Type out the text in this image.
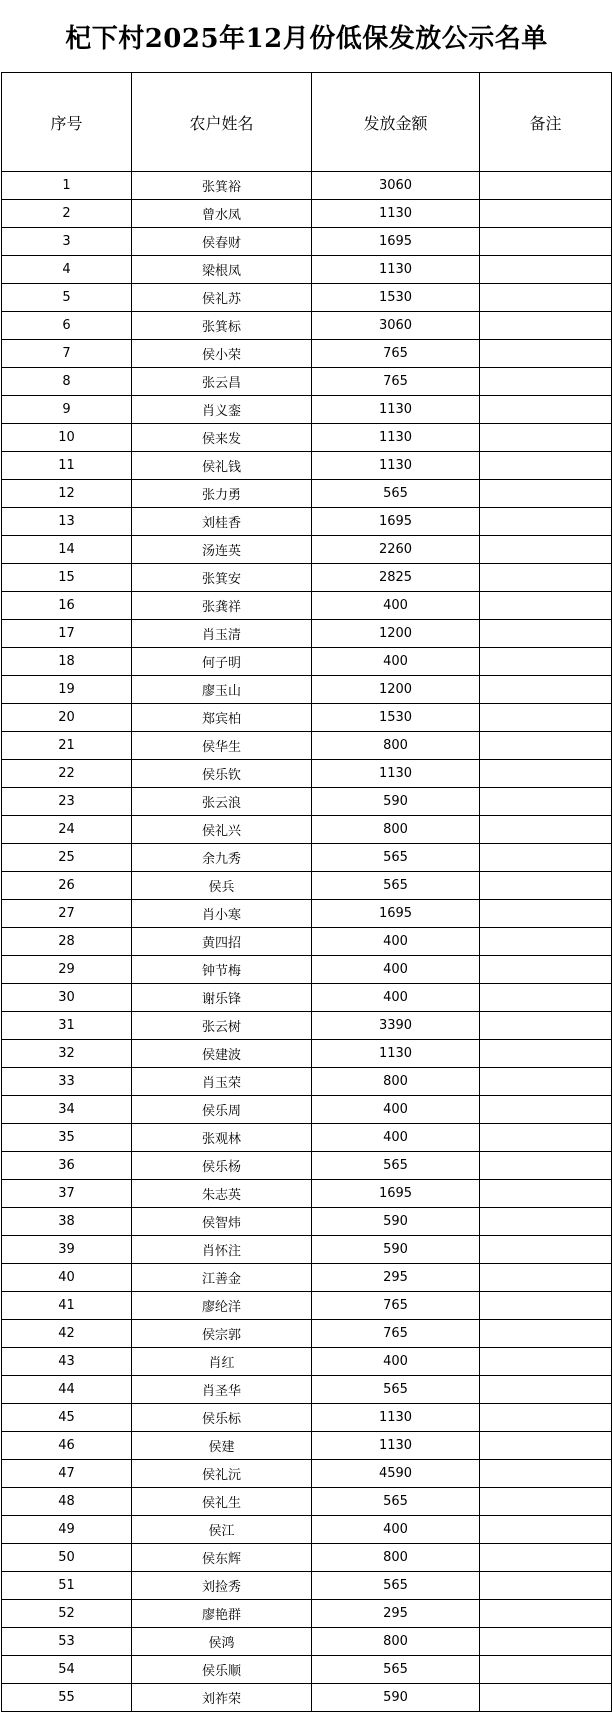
杞下村2025年12月份低保发放公示名单
序号	农户姓名	发放金额	备注
1	张箕裕	3060	
2	曾水凤	1130	
3	侯春财	1695	
4	梁根凤	1130	
5	侯礼苏	1530	
6	张箕标	3060	
7	侯小荣	765	
8	张云昌	765	
9	肖义銮	1130	
10	侯来发	1130	
11	侯礼钱	1130	
12	张力勇	565	
13	刘桂香	1695	
14	汤连英	2260	
15	张箕安	2825	
16	张龚祥	400	
17	肖玉清	1200	
18	何子明	400	
19	廖玉山	1200	
20	郑宾柏	1530	
21	侯华生	800	
22	侯乐钦	1130	
23	张云浪	590	
24	侯礼兴	800	
25	余九秀	565	
26	侯兵	565	
27	肖小寒	1695	
28	黄四招	400	
29	钟节梅	400	
30	谢乐锋	400	
31	张云树	3390	
32	侯建波	1130	
33	肖玉荣	800	
34	侯乐周	400	
35	张观林	400	
36	侯乐杨	565	
37	朱志英	1695	
38	侯智炜	590	
39	肖怀注	590	
40	江善金	295	
41	廖纶洋	765	
42	侯宗郭	765	
43	肖红	400	
44	肖圣华	565	
45	侯乐标	1130	
46	侯建	1130	
47	侯礼沅	4590	
48	侯礼生	565	
49	侯江	400	
50	侯东辉	800	
51	刘捡秀	565	
52	廖艳群	295	
53	侯鸿	800	
54	侯乐顺	565	
55	刘祚荣	590	
